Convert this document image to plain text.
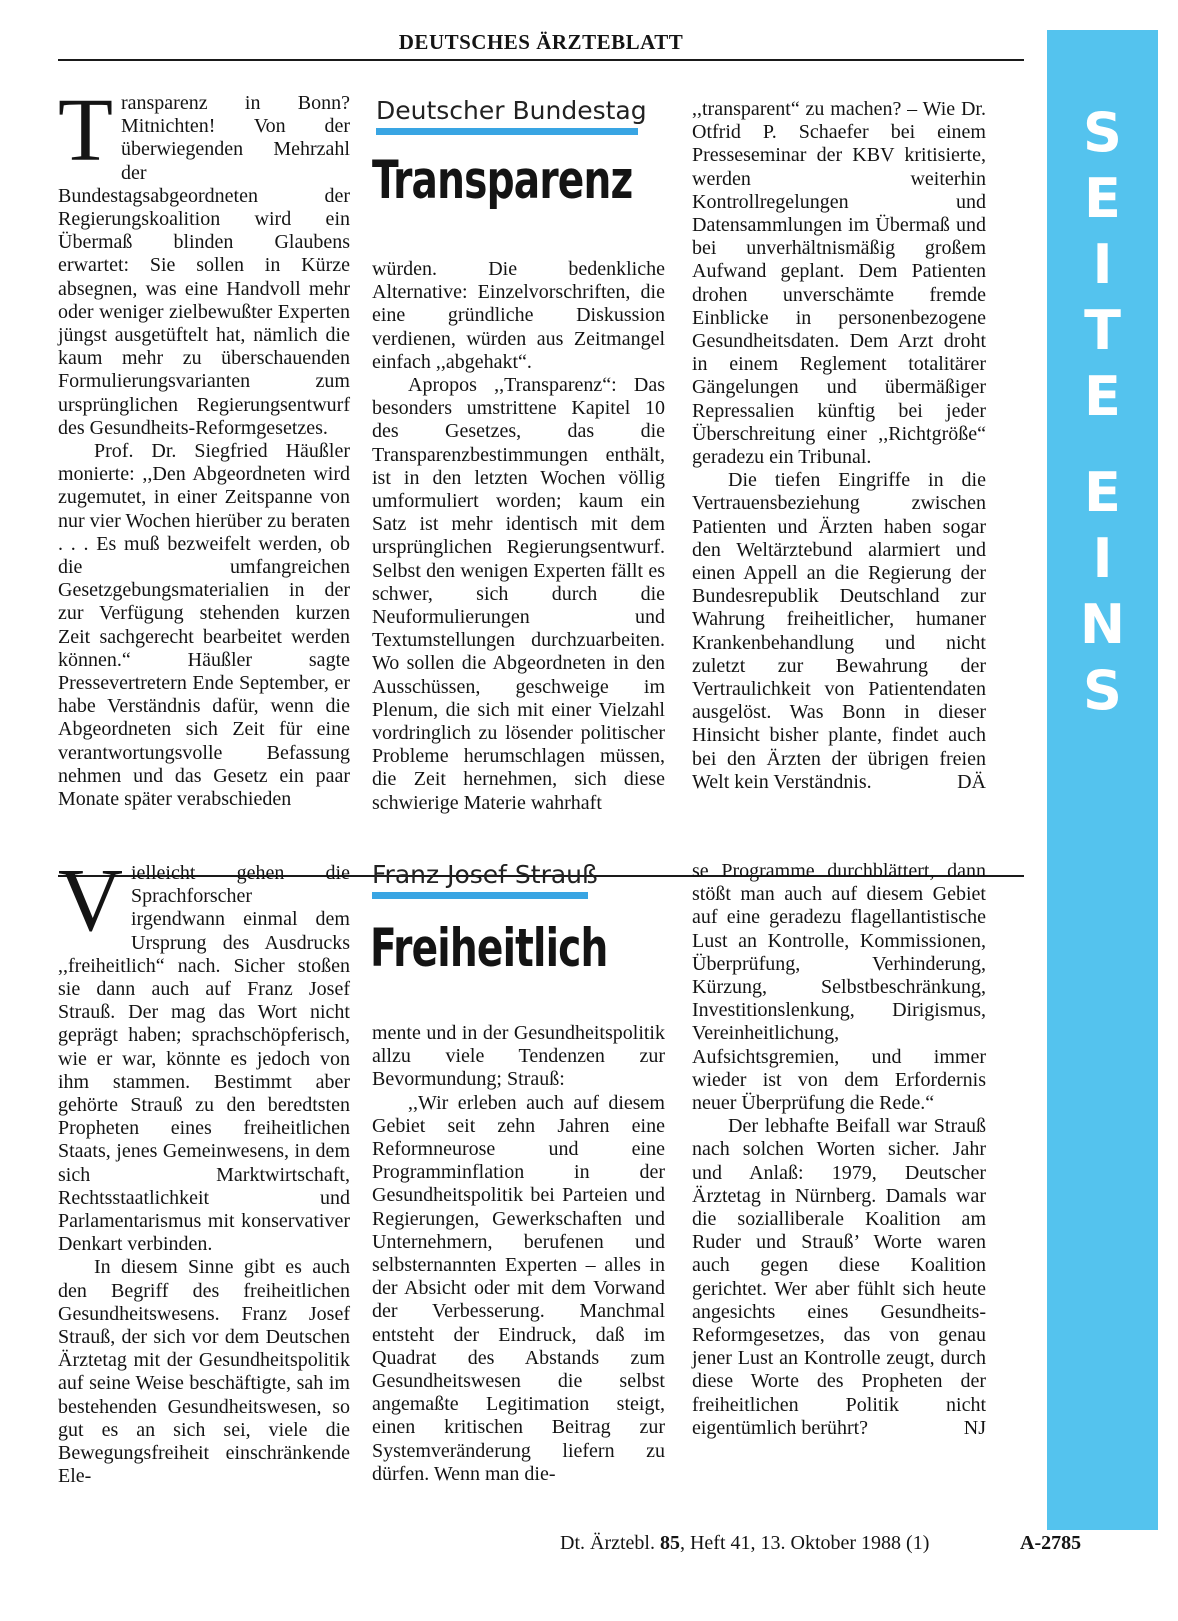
DEUTSCHES ÄRZTEBLATT
S
E
I
T
E
E
I
N
S

Transparenz in Bonn? Mitnichten! Von der überwiegenden Mehrzahl der Bundestagsabgeordneten der Regierungskoalition wird ein Übermaß blinden Glaubens erwartet: Sie sollen in Kürze absegnen, was eine Handvoll mehr oder weniger zielbewußter Experten jüngst ausgetüftelt hat, nämlich die kaum mehr zu überschauenden Formulierungsvarianten zum ursprünglichen Regierungsentwurf des Gesundheits-Reformgesetzes.

Prof. Dr. Siegfried Häußler monierte: ,,Den Abgeordneten wird zugemutet, in einer Zeitspanne von nur vier Wochen hierüber zu beraten . . . Es muß bezweifelt werden, ob die umfangreichen Gesetzgebungsmaterialien in der zur Verfügung stehenden kurzen Zeit sachgerecht bearbeitet werden können.“ Häußler sagte Pressevertretern Ende September, er habe Verständnis dafür, wenn die Abgeordneten sich Zeit für eine verantwortungsvolle Befassung nehmen und das Gesetz ein paar Monate später verabschieden

Deutscher Bundestag
Transparenz

würden. Die bedenkliche Alternative: Einzelvorschriften, die eine gründliche Diskussion verdienen, würden aus Zeitmangel einfach ,,abgehakt“.

Apropos ,,Transparenz“: Das besonders umstrittene Kapitel 10 des Gesetzes, das die Transparenzbestimmungen enthält, ist in den letzten Wochen völlig umformuliert worden; kaum ein Satz ist mehr identisch mit dem ursprünglichen Regierungsentwurf. Selbst den wenigen Experten fällt es schwer, sich durch die Neuformulierungen und Textumstellungen durchzuarbeiten. Wo sollen die Abgeordneten in den Ausschüssen, geschweige im Plenum, die sich mit einer Vielzahl vordringlich zu lösender politischer Probleme herumschlagen müssen, die Zeit hernehmen, sich diese schwierige Materie wahrhaft

,,transparent“ zu machen? – Wie Dr. Otfrid P. Schaefer bei einem Presseseminar der KBV kritisierte, werden weiterhin Kontrollregelungen und Datensammlungen im Übermaß und bei unverhältnismäßig großem Aufwand geplant. Dem Patienten drohen unverschämte fremde Einblicke in personenbezogene Gesundheitsdaten. Dem Arzt droht in einem Reglement totalitärer Gängelungen und übermäßiger Repressalien künftig bei jeder Überschreitung einer ,,Richtgröße“ geradezu ein Tribunal.

Die tiefen Eingriffe in die Vertrauensbeziehung zwischen Patienten und Ärzten haben sogar den Weltärztebund alarmiert und einen Appell an die Regierung der Bundesrepublik Deutschland zur Wahrung freiheitlicher, humaner Krankenbehandlung und nicht zuletzt zur Bewahrung der Vertraulichkeit von Patientendaten ausgelöst. Was Bonn in dieser Hinsicht bisher plante, findet auch bei den Ärzten der übrigen freien Welt kein Verständnis.	DÄ

Vielleicht gehen die Sprachforscher irgendwann einmal dem Ursprung des Ausdrucks ,,freiheitlich“ nach. Sicher stoßen sie dann auch auf Franz Josef Strauß. Der mag das Wort nicht geprägt haben; sprachschöpferisch, wie er war, könnte es jedoch von ihm stammen. Bestimmt aber gehörte Strauß zu den beredtsten Propheten eines freiheitlichen Staats, jenes Gemeinwesens, in dem sich Marktwirtschaft, Rechtsstaatlichkeit und Parlamentarismus mit konservativer Denkart verbinden.

In diesem Sinne gibt es auch den Begriff des freiheitlichen Gesundheitswesens. Franz Josef Strauß, der sich vor dem Deutschen Ärztetag mit der Gesundheitspolitik auf seine Weise beschäftigte, sah im bestehenden Gesundheitswesen, so gut es an sich sei, viele die Bewegungsfreiheit einschränkende Ele-

Franz Josef Strauß
Freiheitlich

mente und in der Gesundheitspolitik allzu viele Tendenzen zur Bevormundung; Strauß:

,,Wir erleben auch auf diesem Gebiet seit zehn Jahren eine Reformneurose und eine Programminflation in der Gesundheitspolitik bei Parteien und Regierungen, Gewerkschaften und Unternehmern, berufenen und selbsternannten Experten – alles in der Absicht oder mit dem Vorwand der Verbesserung. Manchmal entsteht der Eindruck, daß im Quadrat des Abstands zum Gesundheitswesen die selbst angemaßte Legitimation steigt, einen kritischen Beitrag zur Systemveränderung liefern zu dürfen. Wenn man die-

se Programme durchblättert, dann stößt man auch auf diesem Gebiet auf eine geradezu flagellantistische Lust an Kontrolle, Kommissionen, Überprüfung, Verhinderung, Kürzung, Selbstbeschränkung, Investitionslenkung, Dirigismus, Vereinheitlichung, Aufsichtsgremien, und immer wieder ist von dem Erfordernis neuer Überprüfung die Rede.“

Der lebhafte Beifall war Strauß nach solchen Worten sicher. Jahr und Anlaß: 1979, Deutscher Ärztetag in Nürnberg. Damals war die sozialliberale Koalition am Ruder und Strauß’ Worte waren auch gegen diese Koalition gerichtet. Wer aber fühlt sich heute angesichts eines Gesundheits-Reformgesetzes, das von genau jener Lust an Kontrolle zeugt, durch diese Worte des Propheten der freiheitlichen Politik nicht eigentümlich berührt?	NJ

Dt. Ärztebl. 85, Heft 41, 13. Oktober 1988 (1)	A-2785
